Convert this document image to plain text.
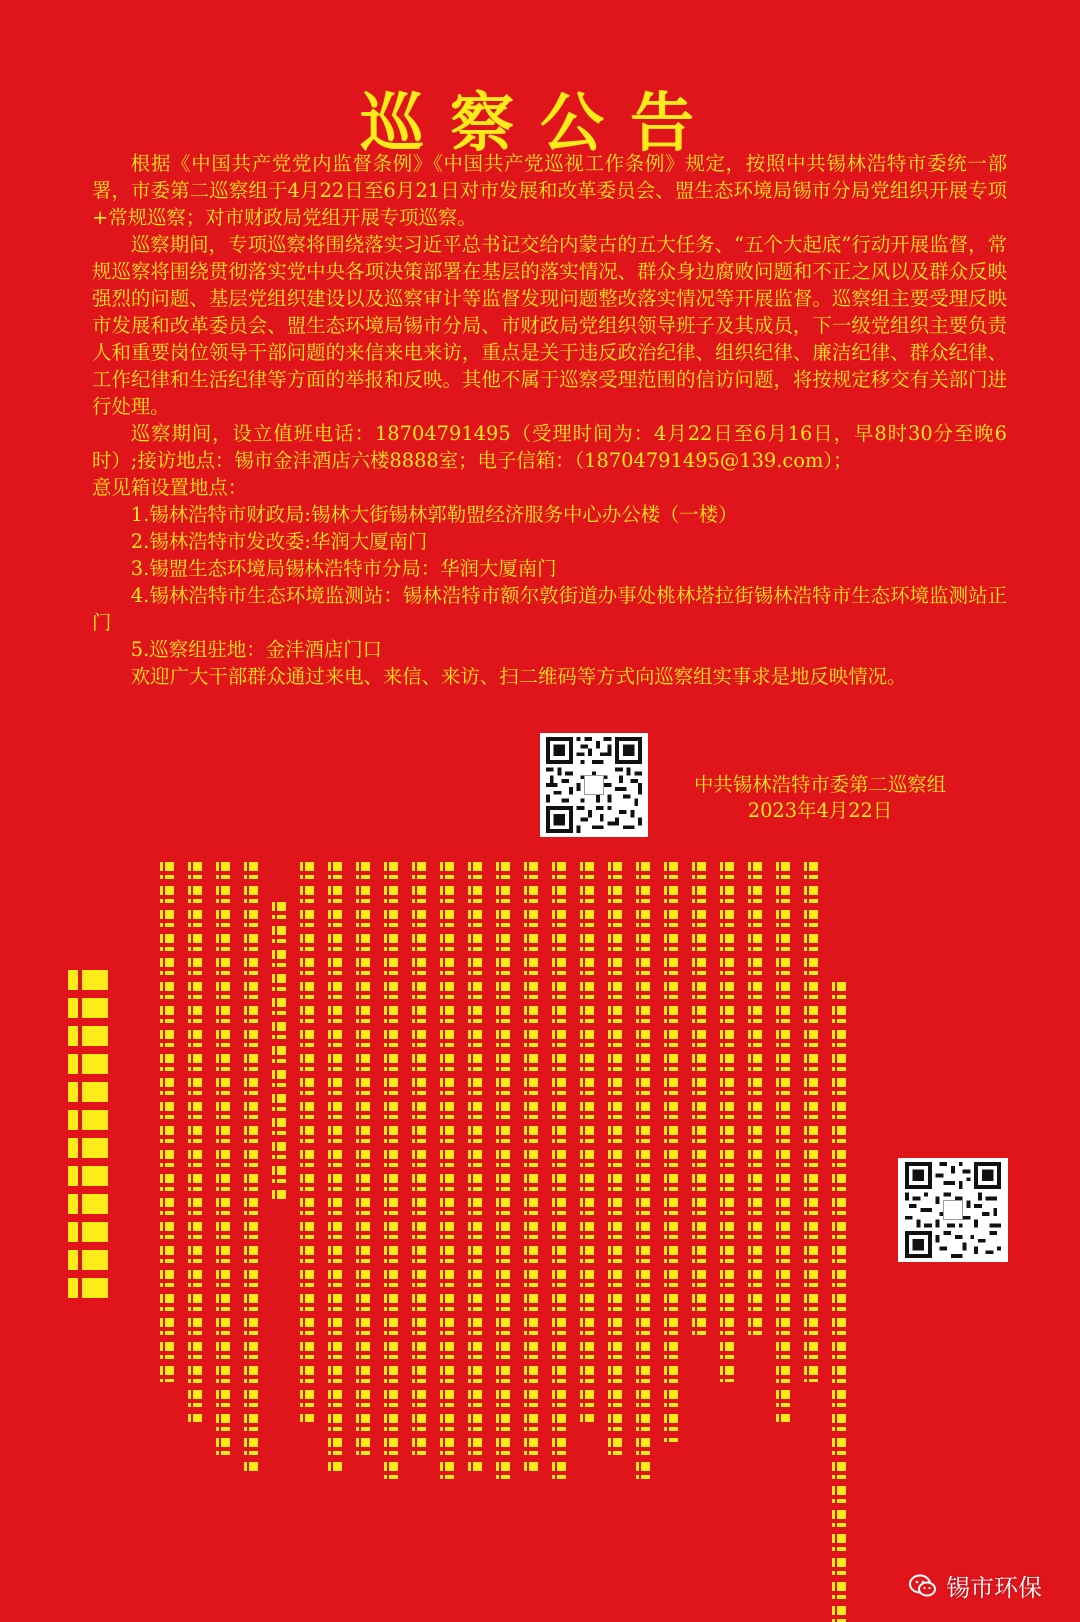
巡察公告

根据《中国共产党党内监督条例》《中国共产党巡视工作条例》规定，按照中共锡林浩特市委统一部署，市委第二巡察组于4月22日至6月21日对市发展和改革委员会、盟生态环境局锡市分局党组织开展专项+常规巡察；对市财政局党组开展专项巡察。

巡察期间，专项巡察将围绕落实习近平总书记交给内蒙古的五大任务、“五个大起底”行动开展监督，常规巡察将围绕贯彻落实党中央各项决策部署在基层的落实情况、群众身边腐败问题和不正之风以及群众反映强烈的问题、基层党组织建设以及巡察审计等监督发现问题整改落实情况等开展监督。巡察组主要受理反映市发展和改革委员会、盟生态环境局锡市分局、市财政局党组织领导班子及其成员，下一级党组织主要负责人和重要岗位领导干部问题的来信来电来访，重点是关于违反政治纪律、组织纪律、廉洁纪律、群众纪律、工作纪律和生活纪律等方面的举报和反映。其他不属于巡察受理范围的信访问题，将按规定移交有关部门进行处理。

巡察期间，设立值班电话：18704791495（受理时间为：4月22日至6月16日，早8时30分至晚6时）;接访地点：锡市金沣酒店六楼8888室；电子信箱：（18704791495@139.com）；

意见箱设置地点：

1.锡林浩特市财政局:锡林大街锡林郭勒盟经济服务中心办公楼（一楼）

2.锡林浩特市发改委:华润大厦南门

3.锡盟生态环境局锡林浩特市分局：华润大厦南门

4.锡林浩特市生态环境监测站：锡林浩特市额尔敦街道办事处桃林塔拉街锡林浩特市生态环境监测站正门

5.巡察组驻地：金沣酒店门口

欢迎广大干部群众通过来电、来信、来访、扫二维码等方式向巡察组实事求是地反映情况。

中共锡林浩特市委第二巡察组
2023年4月22日
锡市环保
